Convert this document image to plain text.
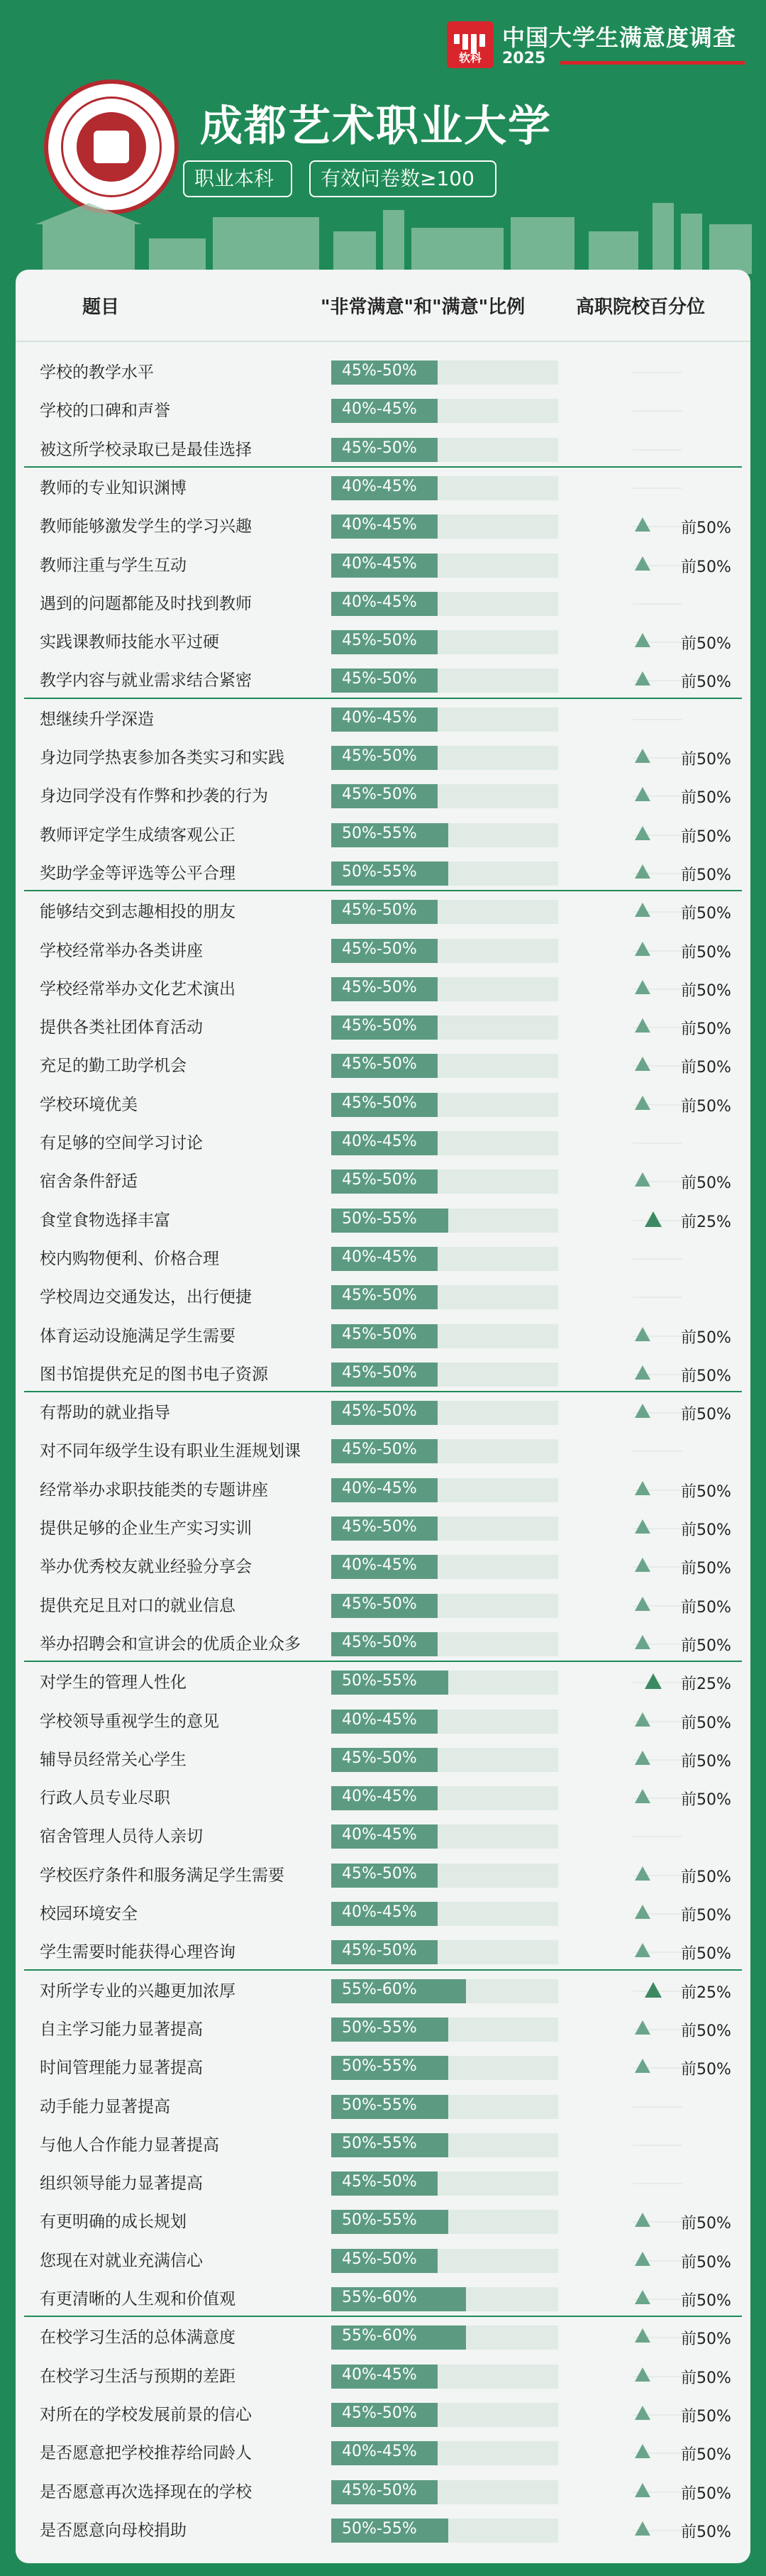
软科
中国大学生满意度调查
2025
成都艺术职业大学
职业本科	有效问卷数≥100
题目	"非常满意"和"满意"比例	高职院校百分位
学校的教学水平	45%-50%
学校的口碑和声誉	40%-45%
被这所学校录取已是最佳选择	45%-50%
教师的专业知识渊博	40%-45%
教师能够激发学生的学习兴趣	40%-45%	前50%
教师注重与学生互动	40%-45%	前50%
遇到的问题都能及时找到教师	40%-45%
实践课教师技能水平过硬	45%-50%	前50%
教学内容与就业需求结合紧密	45%-50%	前50%
想继续升学深造	40%-45%
身边同学热衷参加各类实习和实践	45%-50%	前50%
身边同学没有作弊和抄袭的行为	45%-50%	前50%
教师评定学生成绩客观公正	50%-55%	前50%
奖助学金等评选等公平合理	50%-55%	前50%
能够结交到志趣相投的朋友	45%-50%	前50%
学校经常举办各类讲座	45%-50%	前50%
学校经常举办文化艺术演出	45%-50%	前50%
提供各类社团体育活动	45%-50%	前50%
充足的勤工助学机会	45%-50%	前50%
学校环境优美	45%-50%	前50%
有足够的空间学习讨论	40%-45%
宿舍条件舒适	45%-50%	前50%
食堂食物选择丰富	50%-55%	前25%
校内购物便利、价格合理	40%-45%
学校周边交通发达，出行便捷	45%-50%
体育运动设施满足学生需要	45%-50%	前50%
图书馆提供充足的图书电子资源	45%-50%	前50%
有帮助的就业指导	45%-50%	前50%
对不同年级学生设有职业生涯规划课	45%-50%
经常举办求职技能类的专题讲座	40%-45%	前50%
提供足够的企业生产实习实训	45%-50%	前50%
举办优秀校友就业经验分享会	40%-45%	前50%
提供充足且对口的就业信息	45%-50%	前50%
举办招聘会和宣讲会的优质企业众多	45%-50%	前50%
对学生的管理人性化	50%-55%	前25%
学校领导重视学生的意见	40%-45%	前50%
辅导员经常关心学生	45%-50%	前50%
行政人员专业尽职	40%-45%	前50%
宿舍管理人员待人亲切	40%-45%
学校医疗条件和服务满足学生需要	45%-50%	前50%
校园环境安全	40%-45%	前50%
学生需要时能获得心理咨询	45%-50%	前50%
对所学专业的兴趣更加浓厚	55%-60%	前25%
自主学习能力显著提高	50%-55%	前50%
时间管理能力显著提高	50%-55%	前50%
动手能力显著提高	50%-55%
与他人合作能力显著提高	50%-55%
组织领导能力显著提高	45%-50%
有更明确的成长规划	50%-55%	前50%
您现在对就业充满信心	45%-50%	前50%
有更清晰的人生观和价值观	55%-60%	前50%
在校学习生活的总体满意度	55%-60%	前50%
在校学习生活与预期的差距	40%-45%	前50%
对所在的学校发展前景的信心	45%-50%	前50%
是否愿意把学校推荐给同龄人	40%-45%	前50%
是否愿意再次选择现在的学校	45%-50%	前50%
是否愿意向母校捐助	50%-55%	前50%
